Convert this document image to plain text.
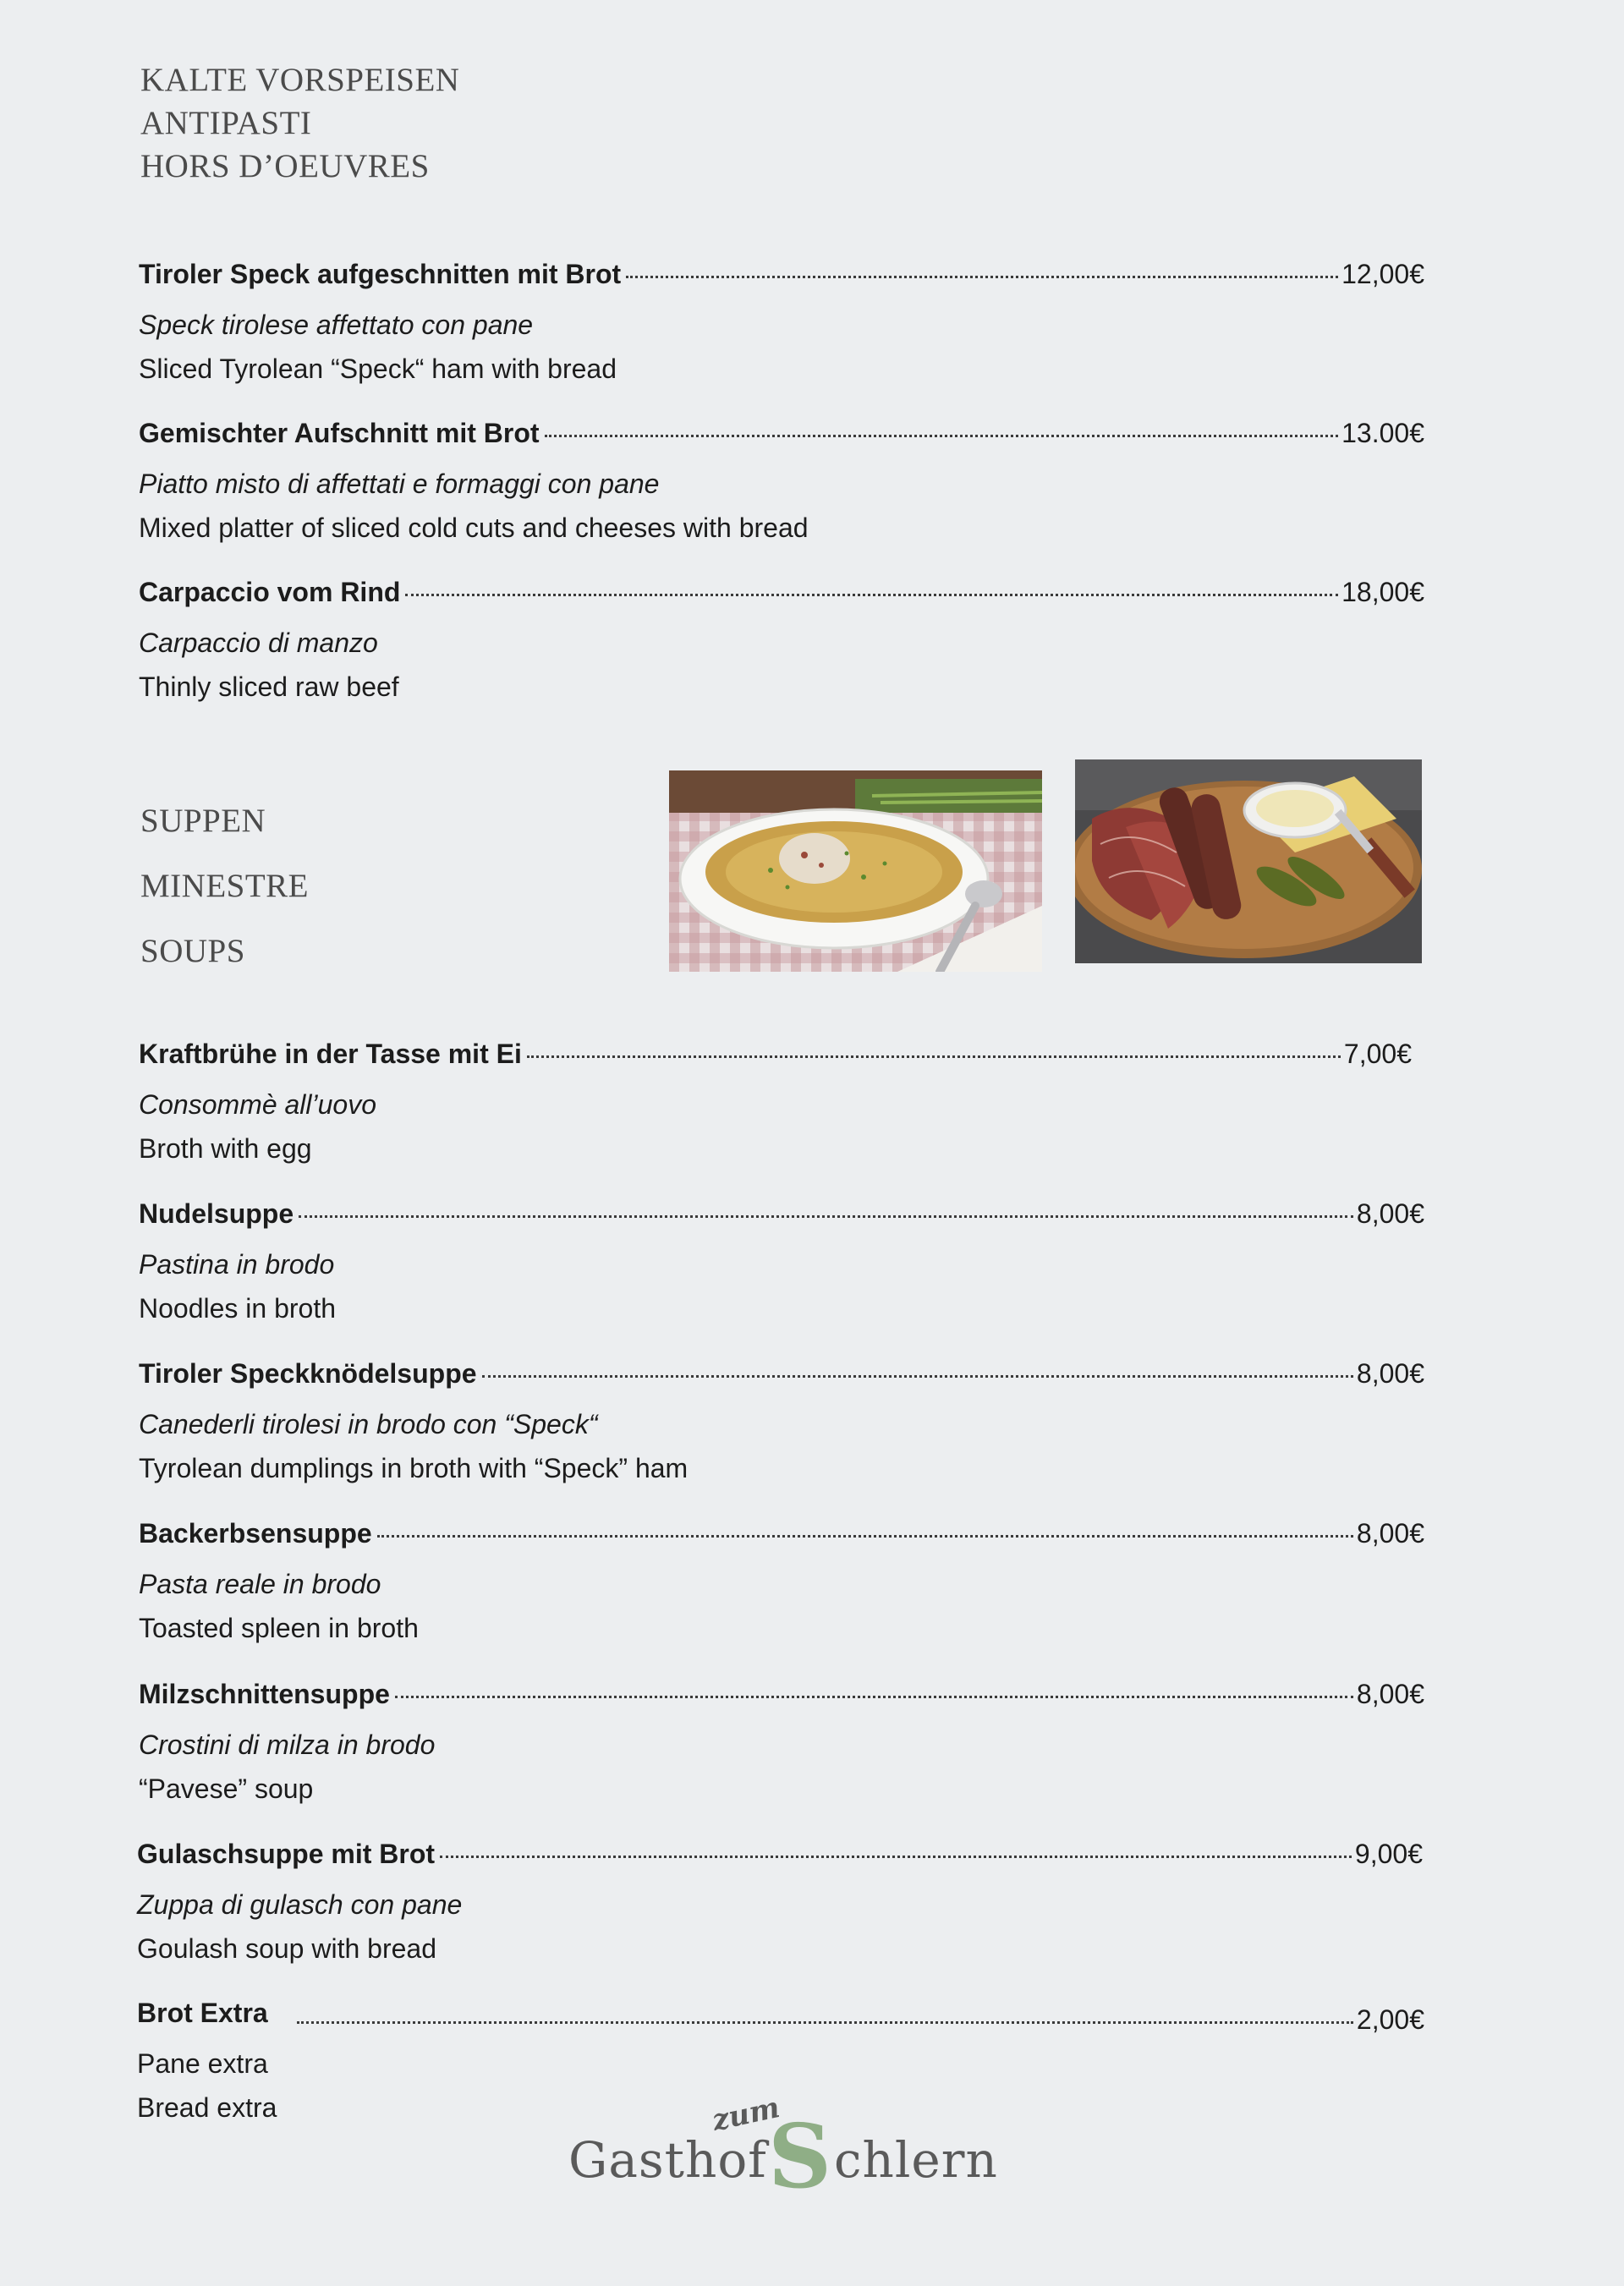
KALTE VORSPEISEN
ANTIPASTI
HORS D’OEUVRES
Tiroler Speck aufgeschnitten mit Brot	12,00€
Speck tirolese affettato con pane
Sliced Tyrolean “Speck“ ham with bread
Gemischter Aufschnitt mit Brot	13.00€
Piatto misto di affettati e formaggi con pane
Mixed platter of sliced cold cuts and cheeses with bread
Carpaccio vom Rind	18,00€
Carpaccio di manzo
Thinly sliced raw beef
SUPPEN
MINESTRE
SOUPS
Kraftbrühe in der Tasse mit Ei	7,00€
Consommè all’uovo
Broth with egg
Nudelsuppe	8,00€
Pastina in brodo
Noodles in broth
Tiroler Speckknödelsuppe	8,00€
Canederli tirolesi in brodo con “Speck“
Tyrolean dumplings in broth with “Speck” ham
Backerbsensuppe	8,00€
Pasta reale in brodo
Toasted spleen in broth
Milzschnittensuppe	8,00€
Crostini di milza in brodo
“Pavese” soup
Gulaschsuppe mit Brot	9,00€
Zuppa di gulasch con pane
Goulash soup with bread
Brot Extra	2,00€
Pane extra
Bread extra
Gasthof
zum
S chlern
